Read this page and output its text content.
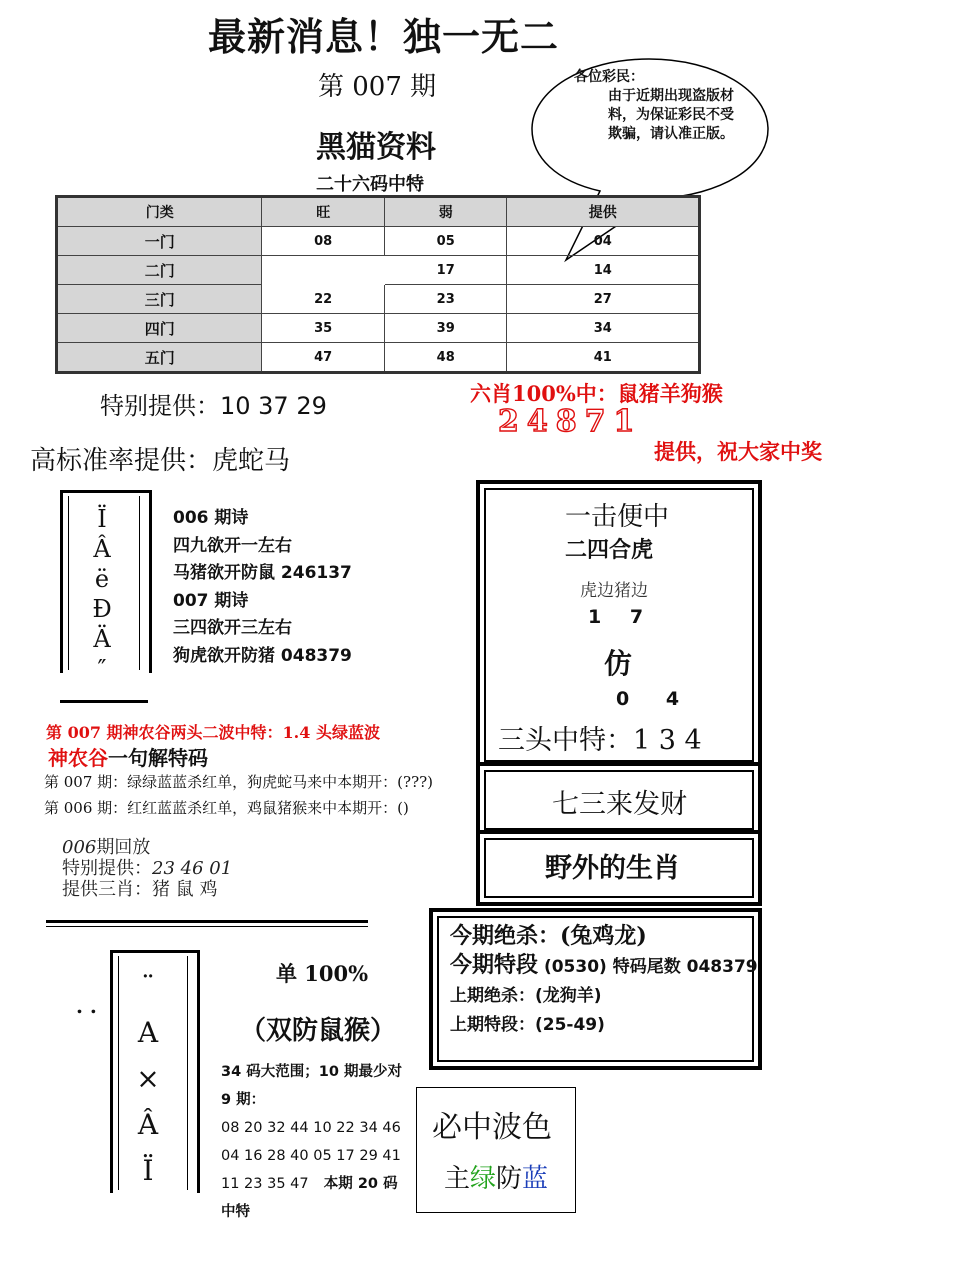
最新消息！独一无二
第 007 期
黑猫资料
二十六码中特
各位彩民：
由于近期出现盗版材料，为保证彩民不受欺骗，请认准正版。
门类	旺	弱	提供
一门	08	05	04
二门		17	14
三门	22	23	27
四门	35	39	34
五门	47	48	41
特别提供：10 37 29	六肖100%中：鼠猪羊狗猴
24871
提供，祝大家中奖
高标准率提供：虎蛇马
Ï
Â
ë
Ð
Ä
″
006 期诗
四九欲开一左右
马猪欲开防鼠 246137
007 期诗
三四欲开三左右
狗虎欲开防猪 048379
一击便中
二四合虎
虎边猪边
1 7
仿
0 4
三头中特：1 3 4
七三来发财
野外的生肖
第 007 期神农谷两头二波中特：1.4 头绿蓝波
神农谷一句解特码
第 007 期：绿绿蓝蓝杀红单，狗虎蛇马来中本期开：(???)
第 006 期：红红蓝蓝杀红单，鸡鼠猪猴来中本期开：()
006期回放
特别提供：23 46 01
提供三肖：猪 鼠 鸡
今期绝杀：(兔鸡龙)
今期特段 (0530) 特码尾数 048379
上期绝杀：(龙狗羊)
上期特段：(25-49)
¨
A
×
Â
Ï
. .
单 100%
（双防鼠猴）
34 码大范围；10 期最少对 9 期：
08 20 32 44 10 22 34 46
04 16 28 40 05 17 29 41
11 23 35 47 本期 20 码中特
必中波色
主绿防蓝
